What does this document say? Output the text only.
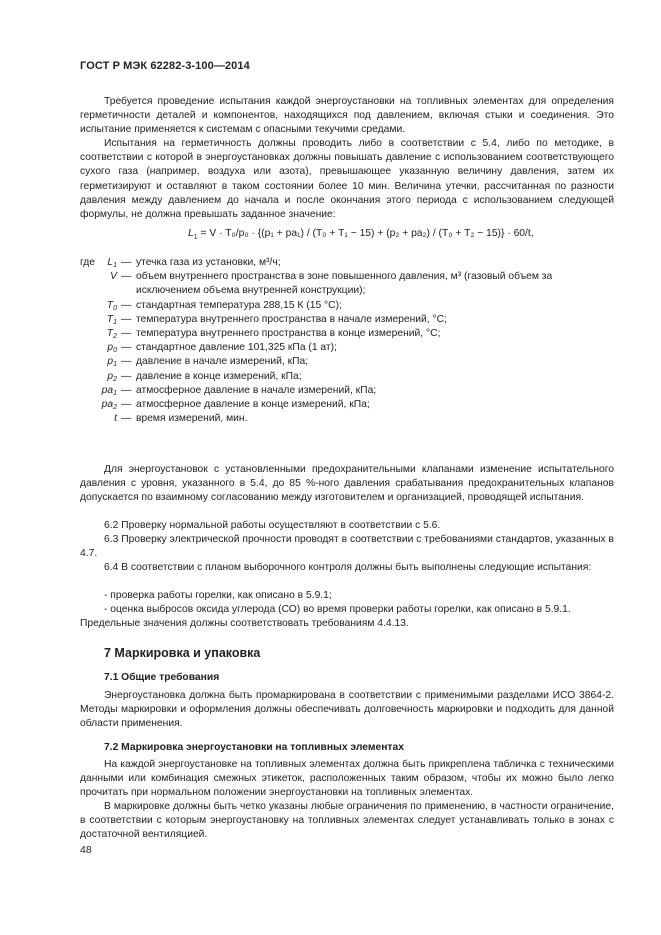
ГОСТ Р МЭК 62282-3-100—2014

Требуется проведение испытания каждой энергоустановки на топливных элементах для определения герметичности деталей и компонентов, находящихся под давлением, включая стыки и соединения. Это испытание применяется к системам с опасными текучими средами.

Испытания на герметичность должны проводить либо в соответствии с 5.4, либо по методике, в соответствии с которой в энергоустановках должны повышать давление с использованием соответствующего сухого газа (например, воздуха или азота), превышающее указанную величину давления, затем их герметизируют и оставляют в таком состоянии более 10 мин. Величина утечки, рассчитанная по разности давления между давлением до начала и после окончания этого периода с использованием следующей формулы, не должна превышать заданное значение:

$L_1 = V \cdot T_0/p_0 \cdot \{(p_1 + pa_1) / (T_0 + T_1 - 15) + (p_2 + pa_2) / (T_0 + T_2 - 15)\} \cdot 60/t$,
где	$L_1$ — утечка газа из установки, м³/ч;
V — объем внутреннего пространства в зоне повышенного давления, м³ (газовый объем за исключением объема внутренней конструкции);
$T_0$ — стандартная температура 288,15 К (15 °С);
$T_1$ — температура внутреннего пространства в начале измерений, °С;
$T_2$ — температура внутреннего пространства в конце измерений, °С;
$p_0$ — стандартное давление 101,325 кПа (1 ат);
$p_1$ — давление в начале измерений, кПа;
$p_2$ — давление в конце измерений, кПа;
$pa_1$ — атмосферное давление в начале измерений, кПа;
$pa_2$ — атмосферное давление в конце измерений, кПа;
t — время измерений, мин.

Для энергоустановок с установленными предохранительными клапанами изменение испытательного давления с уровня, указанного в 5.4, до 85 %-ного давления срабатывания предохранительных клапанов допускается по взаимному согласованию между изготовителем и организацией, проводящей испытания.

6.2 Проверку нормальной работы осуществляют в соответствии с 5.6.

6.3 Проверку электрической прочности проводят в соответствии с требованиями стандартов, указанных в 4.7.

6.4 В соответствии с планом выборочного контроля должны быть выполнены следующие испытания:

- проверка работы горелки, как описано в 5.9.1;
- оценка выбросов оксида углерода (СО) во время проверки работы горелки, как описано в 5.9.1.

Предельные значения должны соответствовать требованиям 4.4.13.

7 Маркировка и упаковка
7.1 Общие требования

Энергоустановка должна быть промаркирована в соответствии с применимыми разделами ИСО 3864-2. Методы маркировки и оформления должны обеспечивать долговечность маркировки и подходить для данной области применения.

7.2 Маркировка энергоустановки на топливных элементах

На каждой энергоустановке на топливных элементах должна быть прикреплена табличка с техническими данными или комбинация смежных этикеток, расположенных таким образом, чтобы их можно было легко прочитать при нормальном положении энергоустановки на топливных элементах.

В маркировке должны быть четко указаны любые ограничения по применению, в частности ограничение, в соответствии с которым энергоустановку на топливных элементах следует устанавливать только в зонах с достаточной вентиляцией.

48
